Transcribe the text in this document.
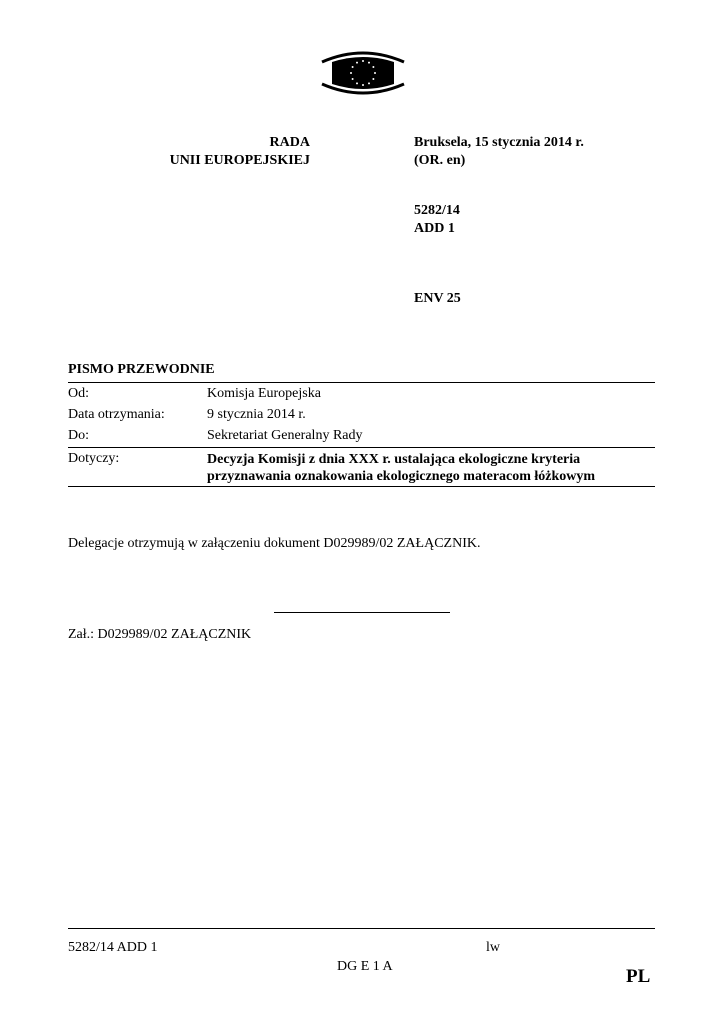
RADA
UNII EUROPEJSKIEJ
Bruksela, 15 stycznia 2014 r.
(OR. en)
5282/14
ADD 1
ENV 25
PISMO PRZEWODNIE
Od:	Komisja Europejska
Data otrzymania:	9 stycznia 2014 r.
Do:	Sekretariat Generalny Rady
Dotyczy:	Decyzja Komisji z dnia XXX r. ustalająca ekologiczne kryteria
przyznawania oznakowania ekologicznego materacom łóżkowym
Delegacje otrzymują w załączeniu dokument D029989/02 ZAŁĄCZNIK.
Zał.: D029989/02 ZAŁĄCZNIK
5282/14 ADD 1	lw
DG E 1 A	PL
